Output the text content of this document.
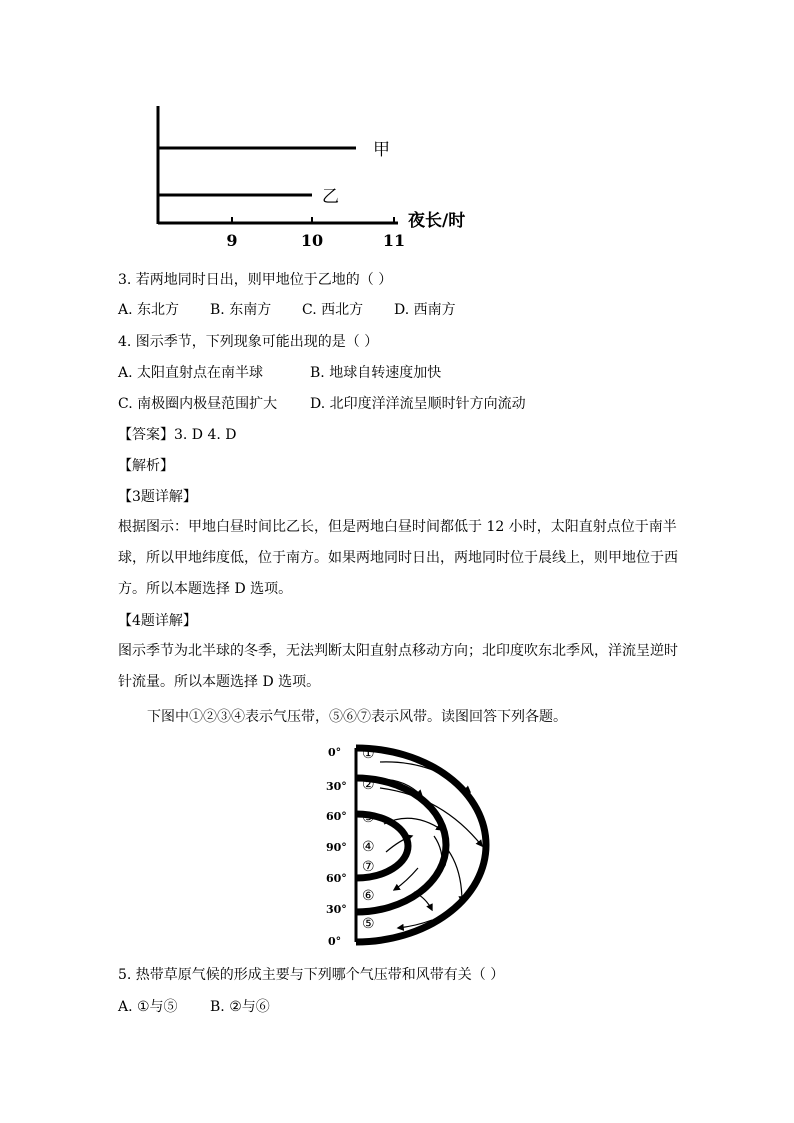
甲
乙
9	10	11
夜长/时
3. 若两地同时日出，则甲地位于乙地的（ ）
A. 东北方 B. 东南方 C. 西北方 D. 西南方
4. 图示季节，下列现象可能出现的是（ ）
A. 太阳直射点在南半球	B. 地球自转速度加快
C. 南极圈内极昼范围扩大 D. 北印度洋洋流呈顺时针方向流动
【答案】3. D 4. D
【解析】
【3题详解】
根据图示：甲地白昼时间比乙长，但是两地白昼时间都低于 12 小时，太阳直射点位于南半球，所以甲地纬度低，位于南方。如果两地同时日出，两地同时位于晨线上，则甲地位于西方。所以本题选择 D 选项。
【4题详解】
图示季节为北半球的冬季，无法判断太阳直射点移动方向；北印度吹东北季风，洋流呈逆时针流量。所以本题选择 D 选项。
下图中①②③④表示气压带，⑤⑥⑦表示风带。读图回答下列各题。
0°
30°
60°
90°
60°
30°
0°
①
②
③
④
⑦
⑥
⑤
5. 热带草原气候的形成主要与下列哪个气压带和风带有关（ ）
A. ①与⑤ B. ②与⑥
